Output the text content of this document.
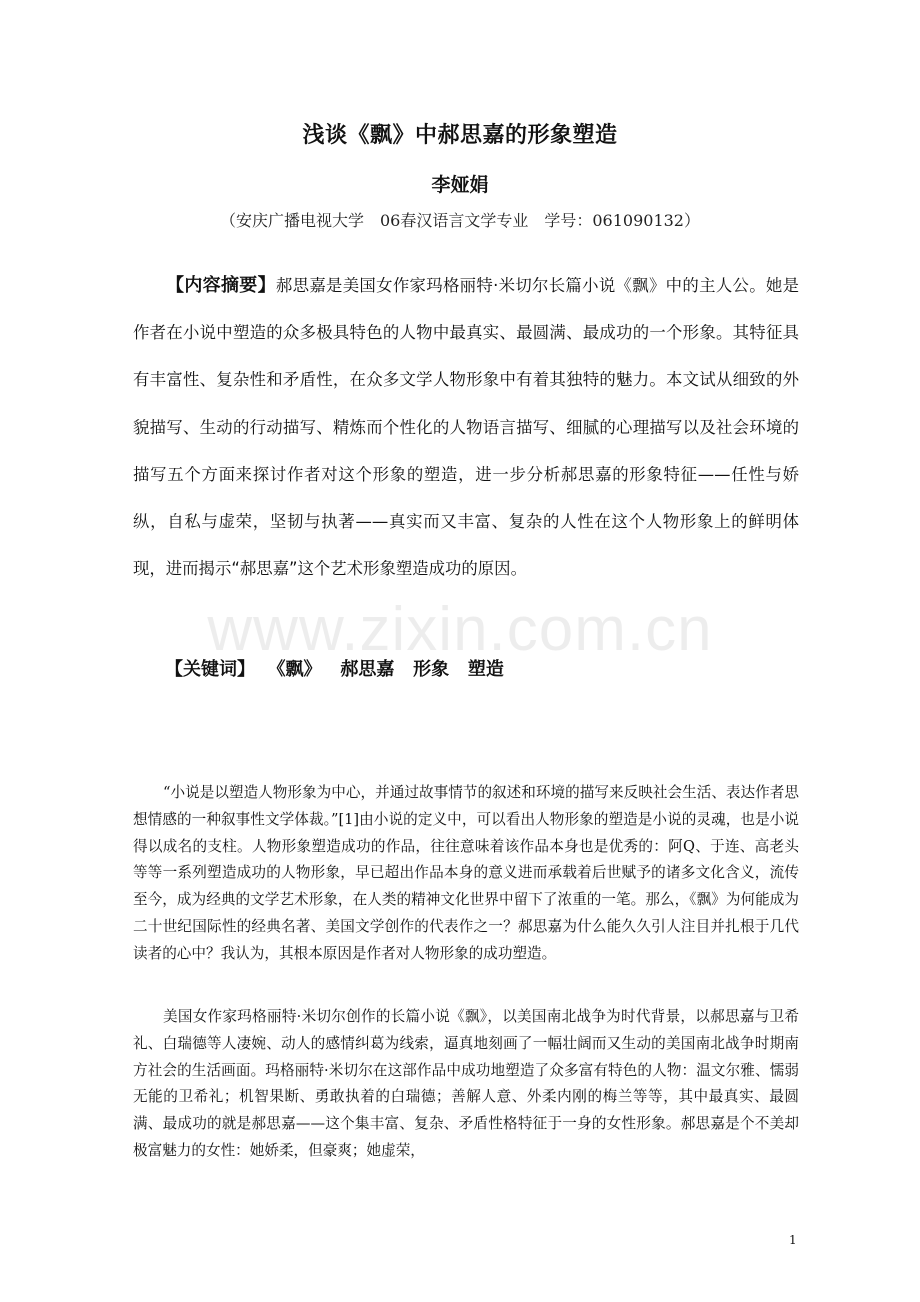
www.zixin.com.cn
浅谈《飘》中郝思嘉的形象塑造
李娅娟
（安庆广播电视大学　06春汉语言文学专业　学号：061090132）

【内容摘要】郝思嘉是美国女作家玛格丽特·米切尔长篇小说《飘》中的主人公。她是作者在小说中塑造的众多极具特色的人物中最真实、最圆满、最成功的一个形象。其特征具有丰富性、复杂性和矛盾性，在众多文学人物形象中有着其独特的魅力。本文试从细致的外貌描写、生动的行动描写、精炼而个性化的人物语言描写、细腻的心理描写以及社会环境的描写五个方面来探讨作者对这个形象的塑造，进一步分析郝思嘉的形象特征——任性与娇纵，自私与虚荣，坚韧与执著——真实而又丰富、复杂的人性在这个人物形象上的鲜明体现，进而揭示“郝思嘉”这个艺术形象塑造成功的原因。

【关键词】  《飘》   郝思嘉   形象   塑造

“小说是以塑造人物形象为中心，并通过故事情节的叙述和环境的描写来反映社会生活、表达作者思想情感的一种叙事性文学体裁。”[1]由小说的定义中，可以看出人物形象的塑造是小说的灵魂，也是小说得以成名的支柱。人物形象塑造成功的作品，往往意味着该作品本身也是优秀的：阿Q、于连、高老头等等一系列塑造成功的人物形象，早已超出作品本身的意义进而承载着后世赋予的诸多文化含义，流传至今，成为经典的文学艺术形象，在人类的精神文化世界中留下了浓重的一笔。那么，《飘》为何能成为二十世纪国际性的经典名著、美国文学创作的代表作之一？郝思嘉为什么能久久引人注目并扎根于几代读者的心中？我认为，其根本原因是作者对人物形象的成功塑造。

美国女作家玛格丽特·米切尔创作的长篇小说《飘》，以美国南北战争为时代背景，以郝思嘉与卫希礼、白瑞德等人凄婉、动人的感情纠葛为线索，逼真地刻画了一幅壮阔而又生动的美国南北战争时期南方社会的生活画面。玛格丽特·米切尔在这部作品中成功地塑造了众多富有特色的人物：温文尔雅、懦弱无能的卫希礼；机智果断、勇敢执着的白瑞德；善解人意、外柔内刚的梅兰等等，其中最真实、最圆满、最成功的就是郝思嘉——这个集丰富、复杂、矛盾性格特征于一身的女性形象。郝思嘉是个不美却极富魅力的女性：她娇柔，但豪爽；她虚荣，

1
